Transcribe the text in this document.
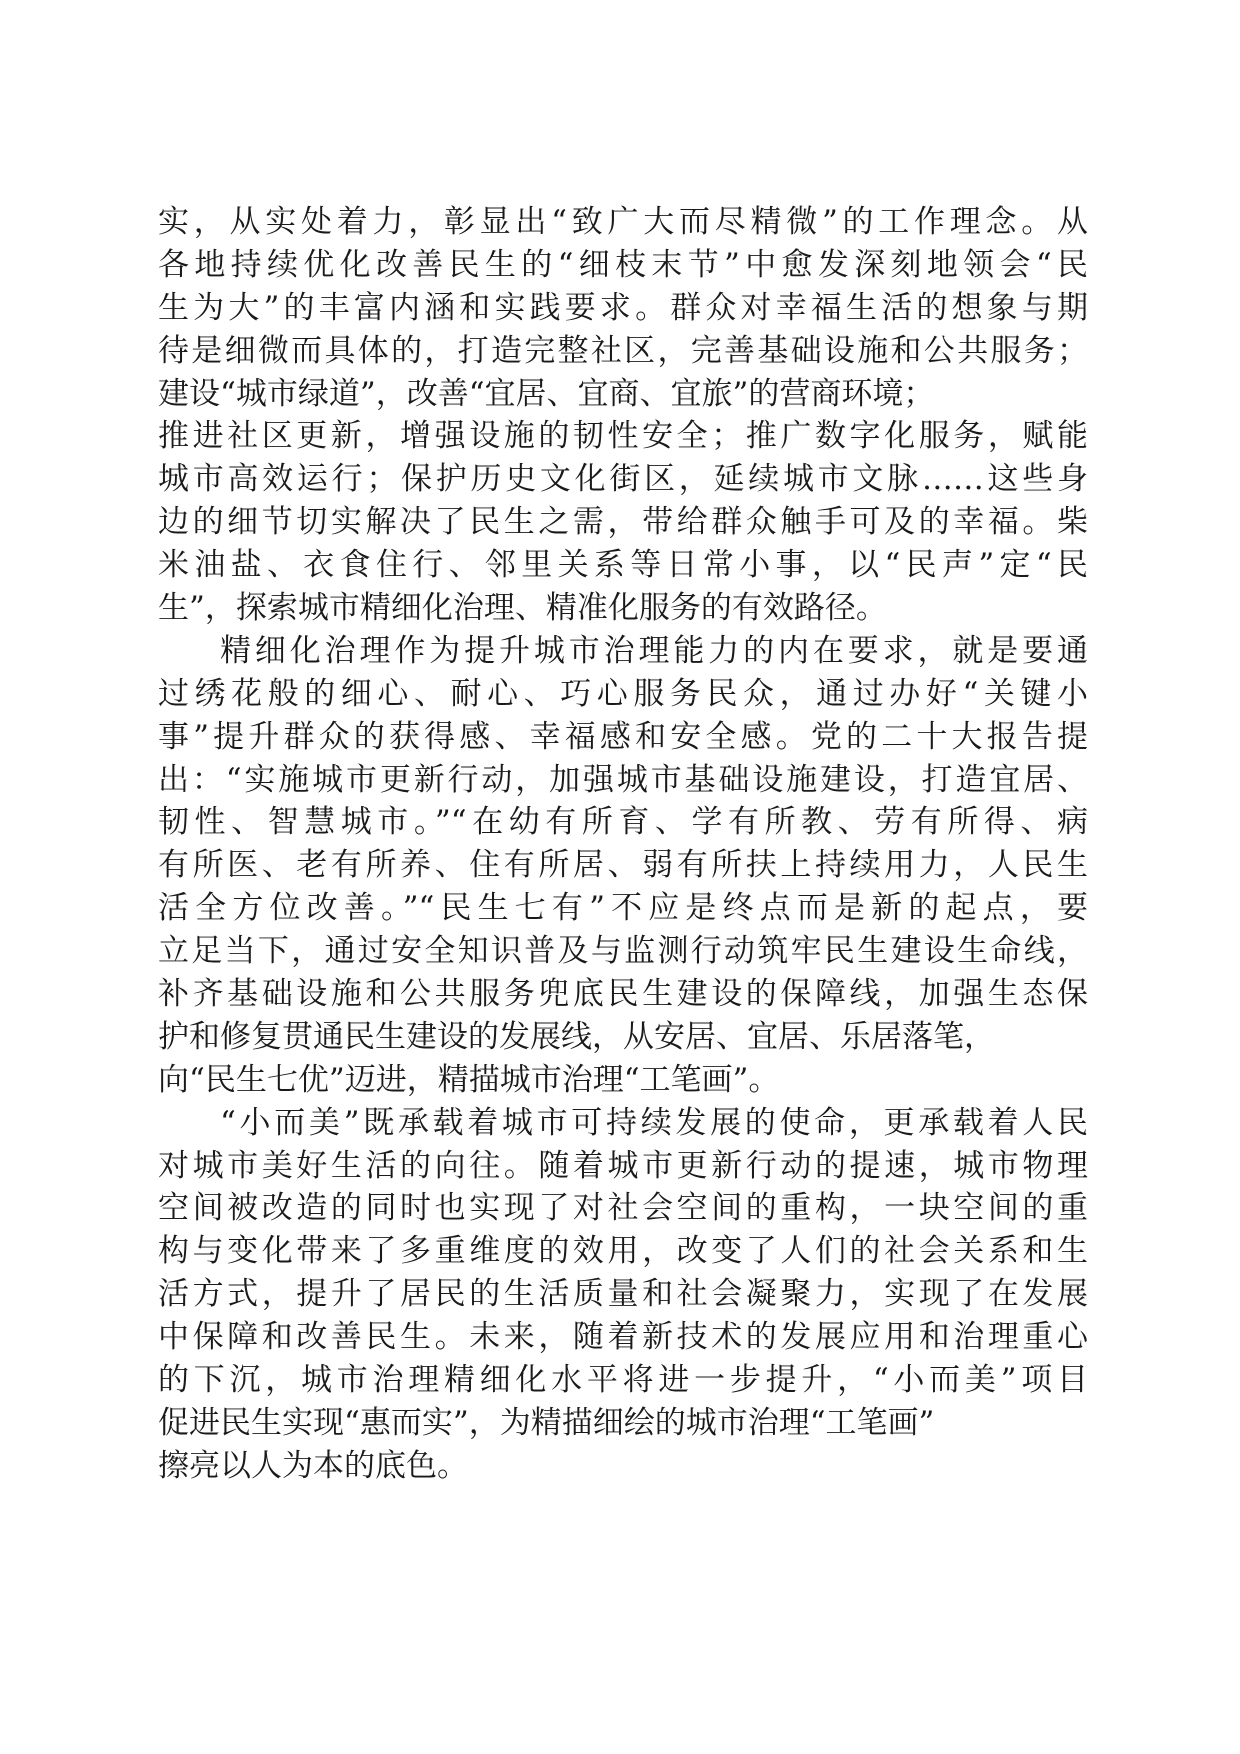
实，从实处着力，彰显出“致广大而尽精微”的工作理念。从
各地持续优化改善民生的“细枝末节”中愈发深刻地领会“民
生为大”的丰富内涵和实践要求。群众对幸福生活的想象与期
待是细微而具体的，打造完整社区，完善基础设施和公共服务；
建设“城市绿道”，改善“宜居、宜商、宜旅”的营商环境；
推进社区更新，增强设施的韧性安全；推广数字化服务，赋能
城市高效运行；保护历史文化街区，延续城市文脉……这些身
边的细节切实解决了民生之需，带给群众触手可及的幸福。柴
米油盐、衣食住行、邻里关系等日常小事，以“民声”定“民
生”，探索城市精细化治理、精准化服务的有效路径。
精细化治理作为提升城市治理能力的内在要求，就是要通
过绣花般的细心、耐心、巧心服务民众，通过办好“关键小
事”提升群众的获得感、幸福感和安全感。党的二十大报告提
出：“实施城市更新行动，加强城市基础设施建设，打造宜居、
韧性、智慧城市。”“在幼有所育、学有所教、劳有所得、病
有所医、老有所养、住有所居、弱有所扶上持续用力，人民生
活全方位改善。”“民生七有”不应是终点而是新的起点，要
立足当下，通过安全知识普及与监测行动筑牢民生建设生命线，
补齐基础设施和公共服务兜底民生建设的保障线，加强生态保
护和修复贯通民生建设的发展线，从安居、宜居、乐居落笔，
向“民生七优”迈进，精描城市治理“工笔画”。
“小而美”既承载着城市可持续发展的使命，更承载着人民
对城市美好生活的向往。随着城市更新行动的提速，城市物理
空间被改造的同时也实现了对社会空间的重构，一块空间的重
构与变化带来了多重维度的效用，改变了人们的社会关系和生
活方式，提升了居民的生活质量和社会凝聚力，实现了在发展
中保障和改善民生。未来，随着新技术的发展应用和治理重心
的下沉，城市治理精细化水平将进一步提升，“小而美”项目
促进民生实现“惠而实”，为精描细绘的城市治理“工笔画”
擦亮以人为本的底色。
